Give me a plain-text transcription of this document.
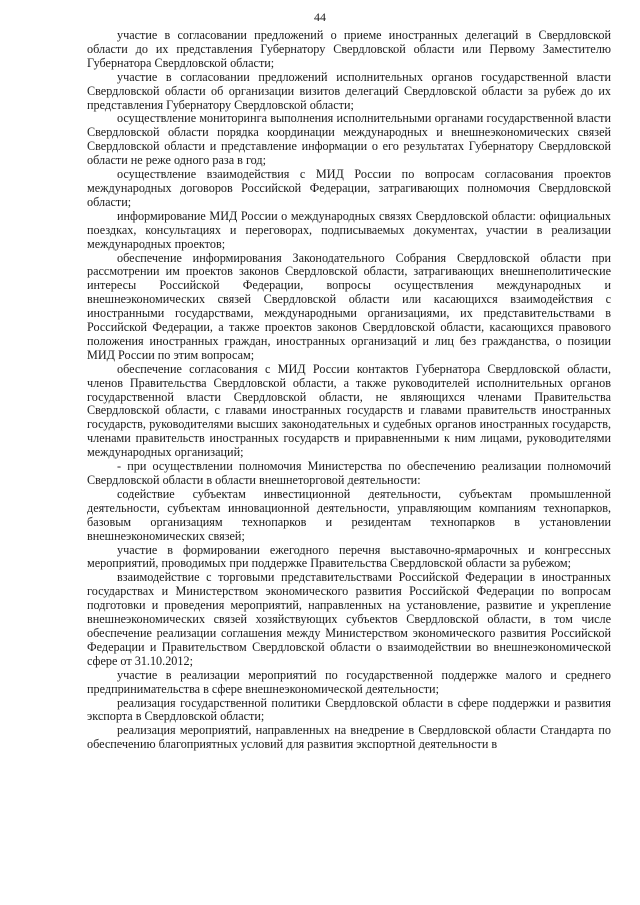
44

участие в согласовании предложений о приеме иностранных делегаций в Свердловской области до их представления Губернатору Свердловской области или Первому Заместителю Губернатора Свердловской области;

участие в согласовании предложений исполнительных органов государственной власти Свердловской области об организации визитов делегаций Свердловской области за рубеж до их представления Губернатору Свердловской области;

осуществление мониторинга выполнения исполнительными органами государственной власти Свердловской области порядка координации международных и внешнеэкономических связей Свердловской области и представление информации о его результатах Губернатору Свердловской области не реже одного раза в год;

осуществление взаимодействия с МИД России по вопросам согласования проектов международных договоров Российской Федерации, затрагивающих полномочия Свердловской области;

информирование МИД России о международных связях Свердловской области: официальных поездках, консультациях и переговорах, подписываемых документах, участии в реализации международных проектов;

обеспечение информирования Законодательного Собрания Свердловской области при рассмотрении им проектов законов Свердловской области, затрагивающих внешнеполитические интересы Российской Федерации, вопросы осуществления международных и внешнеэкономических связей Свердловской области или касающихся взаимодействия с иностранными государствами, международными организациями, их представительствами в Российской Федерации, а также проектов законов Свердловской области, касающихся правового положения иностранных граждан, иностранных организаций и лиц без гражданства, о позиции МИД России по этим вопросам;

обеспечение согласования с МИД России контактов Губернатора Свердловской области, членов Правительства Свердловской области, а также руководителей исполнительных органов государственной власти Свердловской области, не являющихся членами Правительства Свердловской области, с главами иностранных государств и главами правительств иностранных государств, руководителями высших законодательных и судебных органов иностранных государств, членами правительств иностранных государств и приравненными к ним лицами, руководителями международных организаций;

- при осуществлении полномочия Министерства по обеспечению реализации полномочий Свердловской области в области внешнеторговой деятельности:

содействие субъектам инвестиционной деятельности, субъектам промышленной деятельности, субъектам инновационной деятельности, управляющим компаниям технопарков, базовым организациям технопарков и резидентам технопарков в установлении внешнеэкономических связей;

участие в формировании ежегодного перечня выставочно-ярмарочных и конгрессных мероприятий, проводимых при поддержке Правительства Свердловской области за рубежом;

взаимодействие с торговыми представительствами Российской Федерации в иностранных государствах и Министерством экономического развития Российской Федерации по вопросам подготовки и проведения мероприятий, направленных на установление, развитие и укрепление внешнеэкономических связей хозяйствующих субъектов Свердловской области, в том числе обеспечение реализации соглашения между Министерством экономического развития Российской Федерации и Правительством Свердловской области о взаимодействии во внешнеэкономической сфере от 31.10.2012;

участие в реализации мероприятий по государственной поддержке малого и среднего предпринимательства в сфере внешнеэкономической деятельности;

реализация государственной политики Свердловской области в сфере поддержки и развития экспорта в Свердловской области;

реализация мероприятий, направленных на внедрение в Свердловской области Стандарта по обеспечению благоприятных условий для развития экспортной деятельности в
